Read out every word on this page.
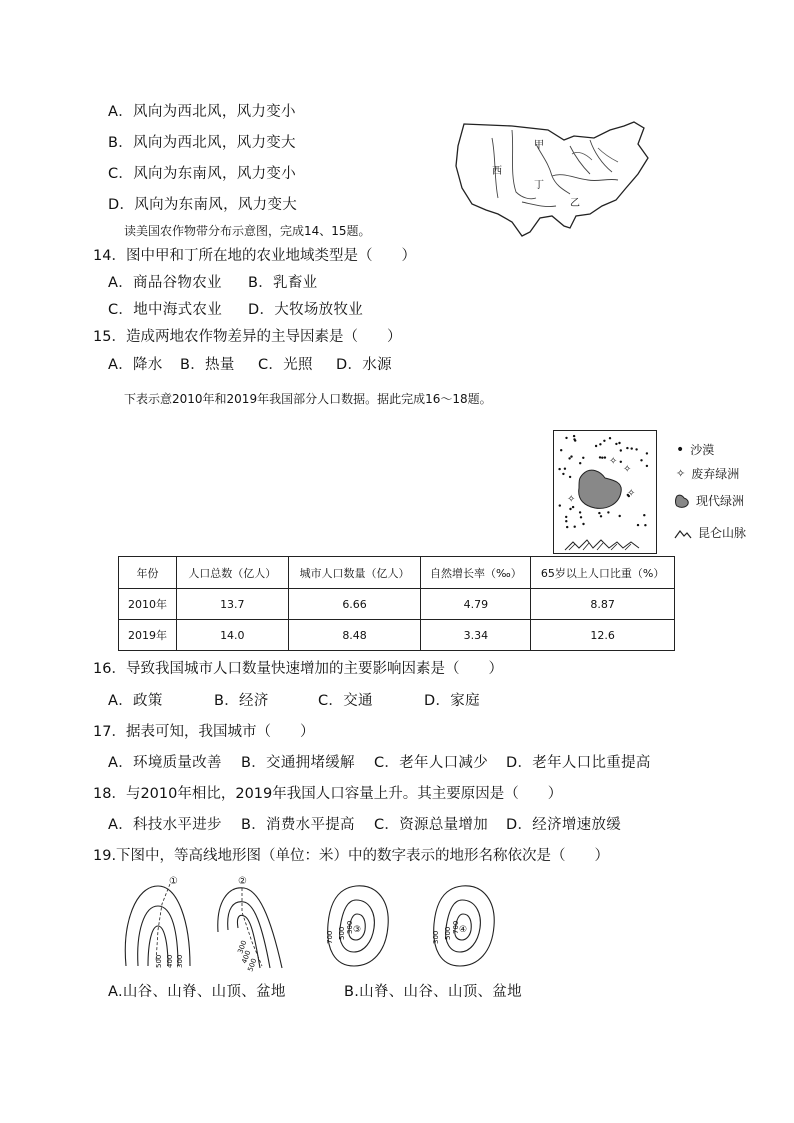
A．风向为西北风，风力变小
B．风向为西北风，风力变大
C．风向为东南风，风力变小
D．风向为东南风，风力变大
读美国农作物带分布示意图，完成14、15题。
甲
西
丁
乙
14．图中甲和丁所在地的农业地域类型是（　　）
A．商品谷物农业 B．乳畜业
C．地中海式农业 D．大牧场放牧业
15．造成两地农作物差异的主导因素是（　　）
A．降水 B．热量 C．光照 D．水源
下表示意2010年和2019年我国部分人口数据。据此完成16～18题。
✧
✧
✧
✧
• 沙漠
✧ 废弃绿洲
现代绿洲
昆仑山脉
年份	人口总数（亿人）	城市人口数量（亿人）	自然增长率（‰）	65岁以上人口比重（%）
2010年	13.7	6.66	4.79	8.87
2019年	14.0	8.48	3.34	12.6
16．导致我国城市人口数量快速增加的主要影响因素是（　　）
A．政策	B．经济	C．交通	D．家庭
17．据表可知，我国城市（　　）
A．环境质量改善 B．交通拥堵缓解 C．老年人口减少 D．老年人口比重提高
18．与2010年相比，2019年我国人口容量上升。其主要原因是（　　）
A．科技水平进步 B．消费水平提高 C．资源总量增加 D．经济增速放缓
19.下图中，等高线地形图（单位：米）中的数字表示的地形名称依次是（　　）
①
500 400 300
②
300
400
500
③
700 500 300	④
300 500 700
A.山谷、山脊、山顶、盆地	B.山脊、山谷、山顶、盆地
